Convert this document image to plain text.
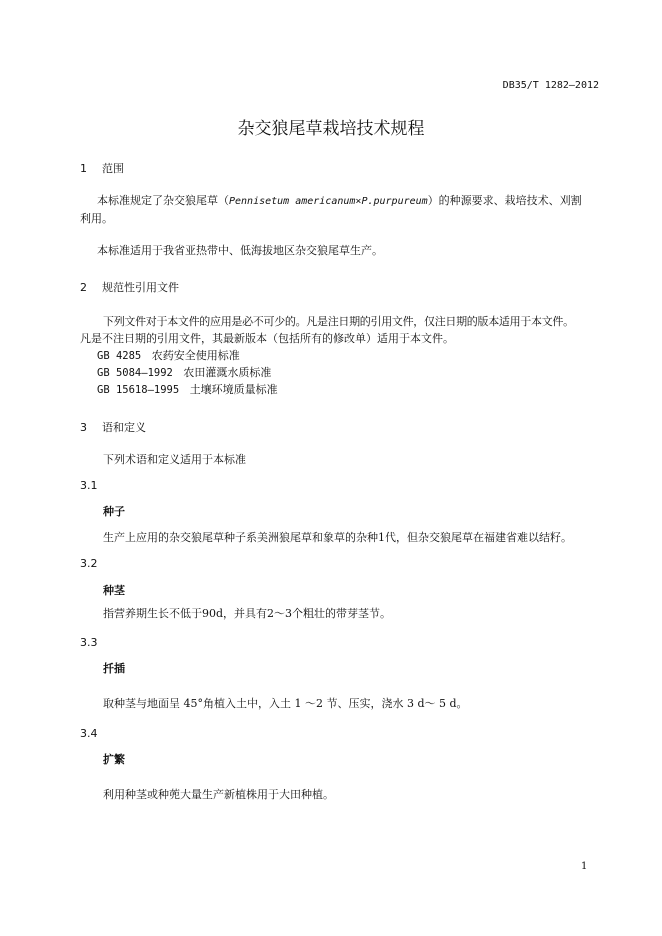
DB35/T 1282—2012
杂交狼尾草栽培技术规程
1 范围
本标准规定了杂交狼尾草（Pennisetum americanum×P.purpureum）的种源要求、栽培技术、刈割
利用。
本标准适用于我省亚热带中、低海拔地区杂交狼尾草生产。
2 规范性引用文件
下列文件对于本文件的应用是必不可少的。凡是注日期的引用文件，仅注日期的版本适用于本文件。
凡是不注日期的引用文件，其最新版本（包括所有的修改单）适用于本文件。
GB 4285 农药安全使用标准
GB 5084—1992 农田灌溉水质标准
GB 15618—1995 土壤环境质量标准
3 语和定义
下列术语和定义适用于本标准
3.1
种子
生产上应用的杂交狼尾草种子系美洲狼尾草和象草的杂种1代，但杂交狼尾草在福建省难以结籽。
3.2
种茎
指营养期生长不低于90d，并具有2～3个粗壮的带芽茎节。
3.3
扦插
取种茎与地面呈 45°角植入土中，入土 1 ～2 节、压实，浇水 3 d～ 5 d。
3.4
扩繁
利用种茎或种蔸大量生产新植株用于大田种植。
1
